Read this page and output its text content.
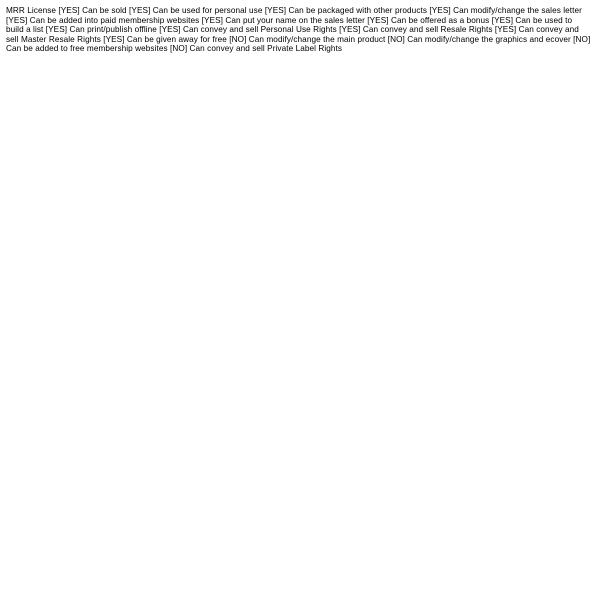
MRR License [YES] Can be sold [YES] Can be used for personal use [YES] Can be packaged with other products [YES] Can modify/change the sales letter [YES] Can be added into paid membership websites [YES] Can put your name on the sales letter [YES] Can be offered as a bonus [YES] Can be used to build a list [YES] Can print/publish offline [YES] Can convey and sell Personal Use Rights [YES] Can convey and sell Resale Rights [YES] Can convey and sell Master Resale Rights [YES] Can be given away for free [NO] Can modify/change the main product [NO] Can modify/change the graphics and ecover [NO] Can be added to free membership websites [NO] Can convey and sell Private Label Rights
